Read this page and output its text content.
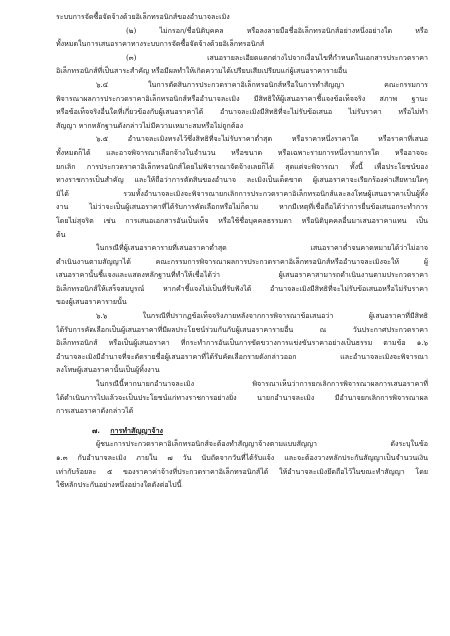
ระบบการจัดซื้อจัดจ้างด้วยอิเล็กทรอนิกส์ของอำนาจละเมิง
(๒) ไม่กรอก/ชื่อนิติบุคคล หรือลงลายมือชื่ออิเล็กทรอนิกส์อย่างหนึ่งอย่างใด หรือ
ทั้งหมดในการเสนอราคาทางระบบการจัดซื้อจัดจ้างด้วยอิเล็กทรอนิกส์
(๓) เสนอรายละเอียดแตกต่างไปจากเงื่อนไขที่กำหนดในเอกสารประกวดราคา
อิเล็กทรอนิกส์ที่เป็นสาระสำคัญ หรือมีผลทำให้เกิดความได้เปรียบเสียเปรียบแก่ผู้เสนอราคารายอื่น
๖.๔ ในการตัดสินการประกวดราคาอิเล็กทรอนิกส์หรือในการทำสัญญา คณะกรรมการ
พิจารณาผลการประกวดราคาอิเล็กทรอนิกส์หรืออำนาจละเมิง มีสิทธิให้ผู้เสนอราคาชี้แจงข้อเท็จจริง สภาพ ฐานะ
หรือข้อเท็จจริงอื่นใดที่เกี่ยวข้องกับผู้เสนอราคาได้ อำนาจละเมิงมีสิทธิที่จะไม่รับข้อเสนอ ไม่รับราคา หรือไม่ทำ
สัญญา หากหลักฐานดังกล่าวไม่มีความเหมาะสมหรือไม่ถูกต้อง
๖.๕ อำนาจละเมิงทรงไว้ซึ่งสิทธิที่จะไม่รับราคาต่ำสุด หรือราคาหนึ่งราคาใด หรือราคาที่เสนอ
ทั้งหมดก็ได้ และอาจพิจารณาเลือกจ้างในจำนวน หรือขนาด หรือเฉพาะรายการหนึ่งรายการใด หรืออาจจะ
ยกเลิก การประกวดราคาอิเล็กทรอนิกส์โดยไม่พิจารณาจัดจ้างเลยก็ได้ สุดแต่จะพิจารณา ทั้งนี้ เพื่อประโยชน์ของ
ทางราชการเป็นสำคัญ และให้ถือว่าการตัดสินของอำนาจ ละเมิงเป็นเด็ดขาด ผู้เสนอราคาจะเรียกร้องค่าเสียหายใดๆ
มิได้ รวมทั้งอำนาจละเมิงจะพิจารณายกเลิกการประกวดราคาอิเล็กทรอนิกส์และลงโทษผู้เสนอราคาเป็นผู้ทิ้ง
งาน ไม่ว่าจะเป็นผู้เสนอราคาที่ได้รับการคัดเลือกหรือไม่ก็ตาม หากมีเหตุที่เชื่อถือได้ว่าการยื่นข้อเสนอกระทำการ
โดยไม่สุจริต เช่น การเสนอเอกสารอันเป็นเท็จ หรือใช้ชื่อบุคคลธรรมดา หรือนิติบุคคลอื่นมาเสนอราคาแทน เป็น
ต้น
ในกรณีที่ผู้เสนอราคารายที่เสนอราคาต่ำสุด เสนอราคาต่ำจนคาดหมายได้ว่าไม่อาจ
ดำเนินงานตามสัญญาได้ คณะกรรมการพิจารณาผลการประกวดราคาอิเล็กทรอนิกส์หรืออำนาจละเมิงจะให้ ผู้
เสนอราคานั้นชี้แจงและแสดงหลักฐานที่ทำให้เชื่อได้ว่า ผู้เสนอราคาสามารถดำเนินงานตามประกวดราคา
อิเล็กทรอนิกส์ให้เสร็จสมบูรณ์ หากคำชี้แจงไม่เป็นที่รับฟังได้ อำนาจละเมิงมีสิทธิที่จะไม่รับข้อเสนอหรือไม่รับราคา
ของผู้เสนอราคารายนั้น
๖.๖ ในกรณีที่ปรากฏข้อเท็จจริงภายหลังจากการพิจารณาข้อเสนอว่า ผู้เสนอราคาที่มีสิทธิ
ได้รับการคัดเลือกเป็นผู้เสนอราคาที่มีผลประโยชน์ร่วมกันกับผู้เสนอราคารายอื่น ณ วันประกาศประกวดราคา
อิเล็กทรอนิกส์ หรือเป็นผู้เสนอราคา ที่กระทำการอันเป็นการขัดขวางการแข่งขันราคาอย่างเป็นธรรม ตามข้อ ๑.๖
อำนาจละเมิงมีอำนาจที่จะตัดรายชื่อผู้เสนอราคาที่ได้รับคัดเลือกรายดังกล่าวออก และอำนาจละเมิงจะพิจารณา
ลงโทษผู้เสนอราคานั้นเป็นผู้ทิ้งงาน
ในกรณีนี้หากนายกอำนาจละเมิง พิจารณาเห็นว่าการยกเลิกการพิจารณาผลการเสนอราคาที่
ได้ดำเนินการไปแล้วจะเป็นประโยชน์แก่ทางราชการอย่างยิ่ง นายกอำนาจละเมิง มีอำนาจยกเลิกการพิจารณาผล
การเสนอราคาดังกล่าวได้
๗. การทำสัญญาจ้าง
ผู้ชนะการประกวดราคาอิเล็กทรอนิกส์จะต้องทำสัญญาจ้างตามแบบสัญญา ดังระบุในข้อ
๑.๓ กับอำนาจละเมิง ภายใน ๗ วัน นับถัดจากวันที่ได้รับแจ้ง และจะต้องวางหลักประกันสัญญาเป็นจำนวนเงิน
เท่ากับร้อยละ ๕ ของราคาค่าจ้างที่ประกวดราคาอิเล็กทรอนิกส์ได้ ให้อำนาจละเมิงยึดถือไว้ในขณะทำสัญญา โดย
ใช้หลักประกันอย่างหนึ่งอย่างใดดังต่อไปนี้
